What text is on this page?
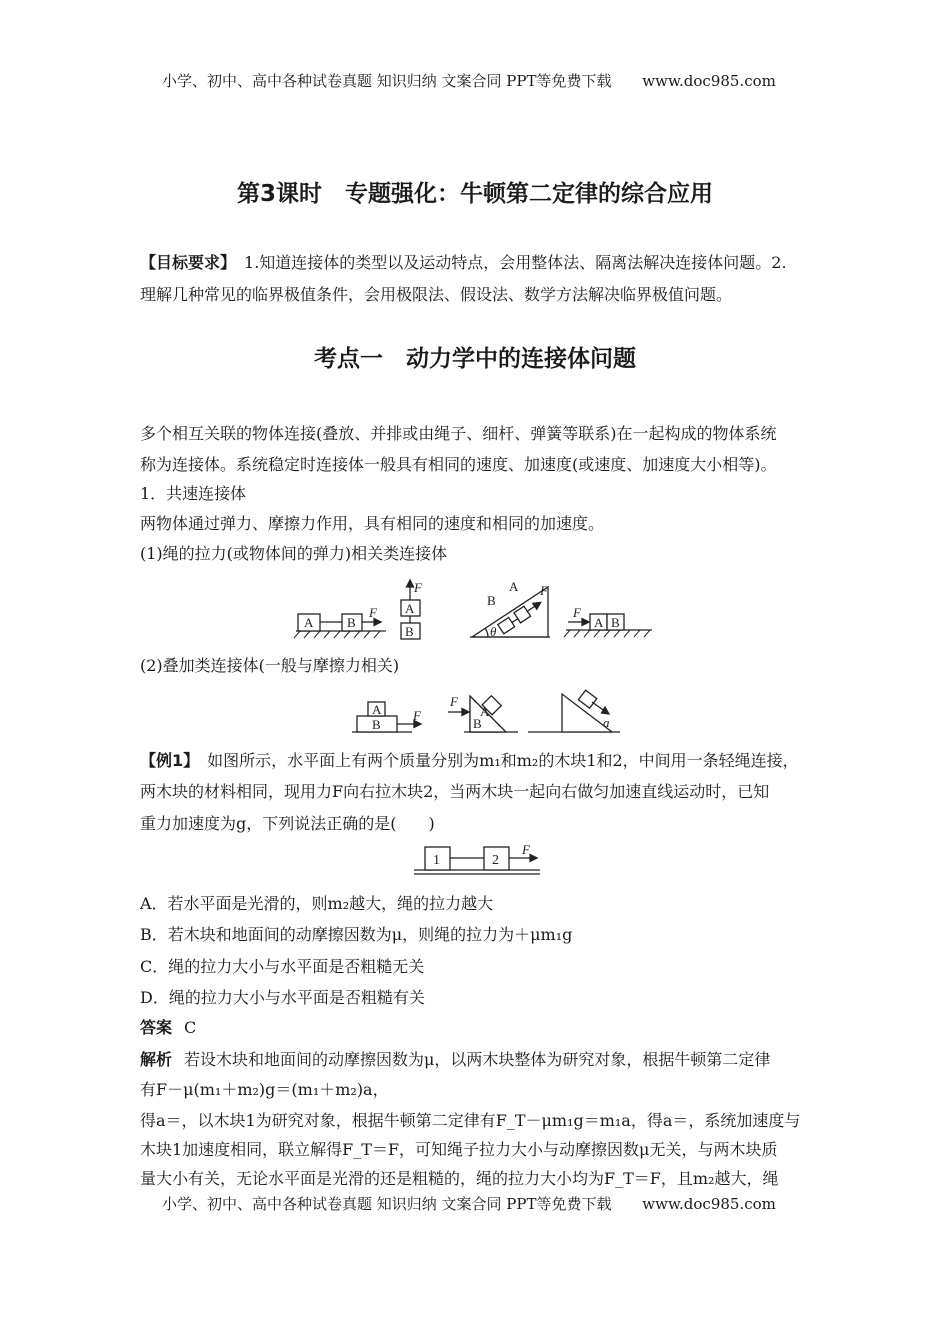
小学、初中、高中各种试卷真题 知识归纳 文案合同 PPT等免费下载 www.doc985.com
第3课时　专题强化：牛顿第二定律的综合应用
【目标要求】 1.知道连接体的类型以及运动特点，会用整体法、隔离法解决连接体问题。2.
理解几种常见的临界极值条件，会用极限法、假设法、数学方法解决临界极值问题。
考点一　动力学中的连接体问题
多个相互关联的物体连接(叠放、并排或由绳子、细杆、弹簧等联系)在一起构成的物体系统
称为连接体。系统稳定时连接体一般具有相同的速度、加速度(或速度、加速度大小相等)。
1．共速连接体
两物体通过弹力、摩擦力作用，具有相同的速度和相同的加速度。
(1)绳的拉力(或物体间的弹力)相关类连接体
F
F	F
θ
F
A	B
A
B
B
A
A B
(2)叠加类连接体(一般与摩擦力相关)
A
B	B
A
F
F
a
【例1】 如图所示，水平面上有两个质量分别为m₁和m₂的木块1和2，中间用一条轻绳连接，
两木块的材料相同，现用力F向右拉木块2，当两木块一起向右做匀加速直线运动时，已知
重力加速度为g，下列说法正确的是(　　)
1	2
F
A．若水平面是光滑的，则m₂越大，绳的拉力越大
B．若木块和地面间的动摩擦因数为μ，则绳的拉力为＋μm₁g
C．绳的拉力大小与水平面是否粗糙无关
D．绳的拉力大小与水平面是否粗糙有关
答案 C
解析 若设木块和地面间的动摩擦因数为μ，以两木块整体为研究对象，根据牛顿第二定律
有F－μ(m₁＋m₂)g＝(m₁＋m₂)a，
得a＝，以木块1为研究对象，根据牛顿第二定律有F_T－μm₁g＝m₁a，得a＝，系统加速度与
木块1加速度相同，联立解得F_T＝F，可知绳子拉力大小与动摩擦因数μ无关，与两木块质
量大小有关，无论水平面是光滑的还是粗糙的，绳的拉力大小均为F_T＝F，且m₂越大，绳
小学、初中、高中各种试卷真题 知识归纳 文案合同 PPT等免费下载 www.doc985.com
